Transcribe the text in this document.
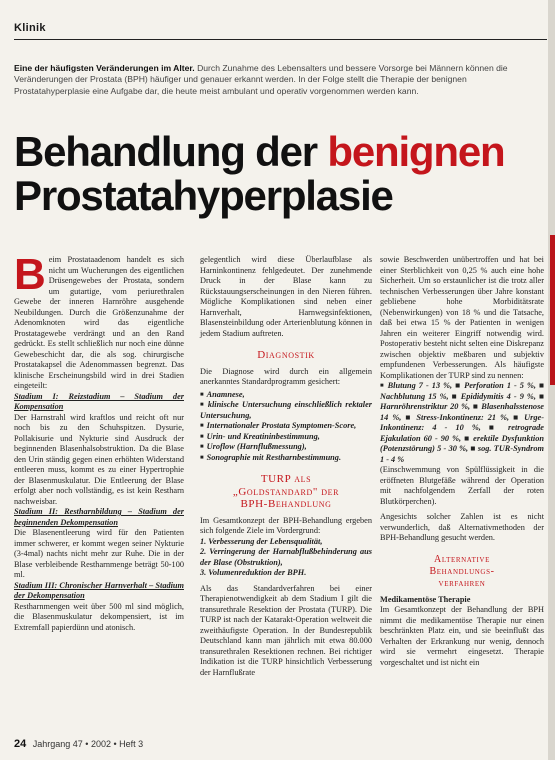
Klinik
Eine der häufigsten Veränderungen im Alter. Durch Zunahme des Lebensalters und bessere Vorsorge bei Männern können die Veränderungen der Prostata (BPH) häufiger und genauer erkannt werden. In der Folge stellt die Therapie der benignen Prostatahyperplasie eine Aufgabe dar, die heute meist ambulant und operativ vorgenommen werden kann.
Behandlung der benignen
Prostatahyperplasie

Beim Prostataadenom handelt es sich nicht um Wucherungen des eigentlichen Drüsengewebes der Prostata, sondern um gutartige, vom periurethralen Gewebe der inneren Harnröhre ausgehende Neubildungen. Durch die Größenzunahme der Adenomknoten wird das eigentliche Prostatagewebe verdrängt und an den Rand gedrückt. Es stellt schließlich nur noch eine dünne Gewebeschicht dar, die als sog. chirurgische Prostatakapsel die Adenommassen begrenzt. Das klinische Erscheinungsbild wird in drei Stadien eingeteilt:

Stadium I: Reizstadium – Stadium der Kompensation

Der Harnstrahl wird kraftlos und reicht oft nur noch bis zu den Schuhspitzen. Dysurie, Pollakisurie und Nykturie sind Ausdruck der beginnenden Blasenhalsobstruktion. Da die Blase den Urin ständig gegen einen erhöhten Widerstand entleeren muss, kommt es zu einer Hypertrophie der Blasenmuskulatur. Die Entleerung der Blase erfolgt aber noch vollständig, es ist kein Restharn nachweisbar.

Stadium II: Restharnbildung – Stadium der beginnenden Dekompensation

Die Blasenentleerung wird für den Patienten immer schwerer, er kommt wegen seiner Nykturie (3-4mal) nachts nicht mehr zur Ruhe. Die in der Blase verbleibende Restharnmenge beträgt 50-100 ml.

Stadium III: Chronischer Harnverhalt – Stadium der Dekompensation

Restharnmengen weit über 500 ml sind möglich, die Blasenmuskulatur dekompensiert, ist im Extremfall papierdünn und atonisch.

gelegentlich wird diese Überlaufblase als Harninkontinenz fehlgedeutet. Der zunehmende Druck in der Blase kann zu Rückstauungserscheinungen in den Nieren führen. Mögliche Komplikationen sind neben einer Harnverhalt, Harnwegsinfektionen, Blasensteinbildung oder Arterienblutung können in jedem Stadium auftreten.

Diagnostik

Die Diagnose wird durch ein allgemein anerkanntes Standardprogramm gesichert:

■ Anamnese,
■ klinische Untersuchung einschließlich rektaler Untersuchung,
■ Internationaler Prostata Symptomen-Score,
■ Urin- und Kreatininbestimmung,
■ Uroflow (Harnflußmessung),
■ Sonographie mit Restharnbestimmung.
TURP als
„Goldstandard" der
BPH-Behandlung

Im Gesamtkonzept der BPH-Behandlung ergeben sich folgende Ziele im Vordergrund:

1. Verbesserung der Lebensqualität,

2. Verringerung der Harnabflußbehinderung aus der Blase (Obstruktion),

3. Volumenreduktion der BPH.

Als das Standardverfahren bei einer Therapienotwendigkeit ab dem Stadium I gilt die transurethrale Resektion der Prostata (TURP). Die TURP ist nach der Katarakt-Operation weltweit die zweithäufigste Operation. In der Bundesrepublik Deutschland kann man jährlich mit etwa 80.000 transurethralen Resektionen rechnen. Bei richtiger Indikation ist die TURP hinsichtlich Verbesserung der Harnflußrate

sowie Beschwerden unübertroffen und hat bei einer Sterblichkeit von 0,25 % auch eine hohe Sicherheit. Um so erstaunlicher ist die trotz aller technischen Verbesserungen über Jahre konstant gebliebene hohe Morbiditätsrate (Nebenwirkungen) von 18 % und die Tatsache, daß bei etwa 15 % der Patienten in wenigen Jahren ein weiterer Eingriff notwendig wird. Postoperativ besteht nicht selten eine Diskrepanz zwischen objektiv meßbaren und subjektiv empfundenen Verbesserungen. Als häufigste Komplikationen der TURP sind zu nennen:

■ Blutung 7 - 13 %, ■ Perforation 1 - 5 %, ■ Nachblutung 15 %, ■ Epididymitis 4 - 9 %, ■ Harnröhrenstriktur 20 %, ■ Blasenhalsstenose 14 %, ■ Stress-Inkontinenz: 21 %, ■ Urge-Inkontinenz: 4 - 10 %, ■ retrograde Ejakulation 60 - 90 %, ■ erektile Dysfunktion (Potenzstörung) 5 - 30 %, ■ sog. TUR-Syndrom 1 - 4 %

(Einschwemmung von Spülflüssigkeit in die eröffneten Blutgefäße während der Operation mit nachfolgendem Zerfall der roten Blutkörperchen).

Angesichts solcher Zahlen ist es nicht verwunderlich, daß Alternativmethoden der BPH-Behandlung gesucht werden.

Alternative
Behandlungs-
verfahren

Medikamentöse Therapie

Im Gesamtkonzept der Behandlung der BPH nimmt die medikamentöse Therapie nur einen beschränkten Platz ein, und sie beeinflußt das Verhalten der Erkrankung nur wenig, dennoch wird sie vermehrt eingesetzt. Therapie vorgeschaltet und ist nicht ein

24 Jahrgang 47 • 2002 • Heft 3
